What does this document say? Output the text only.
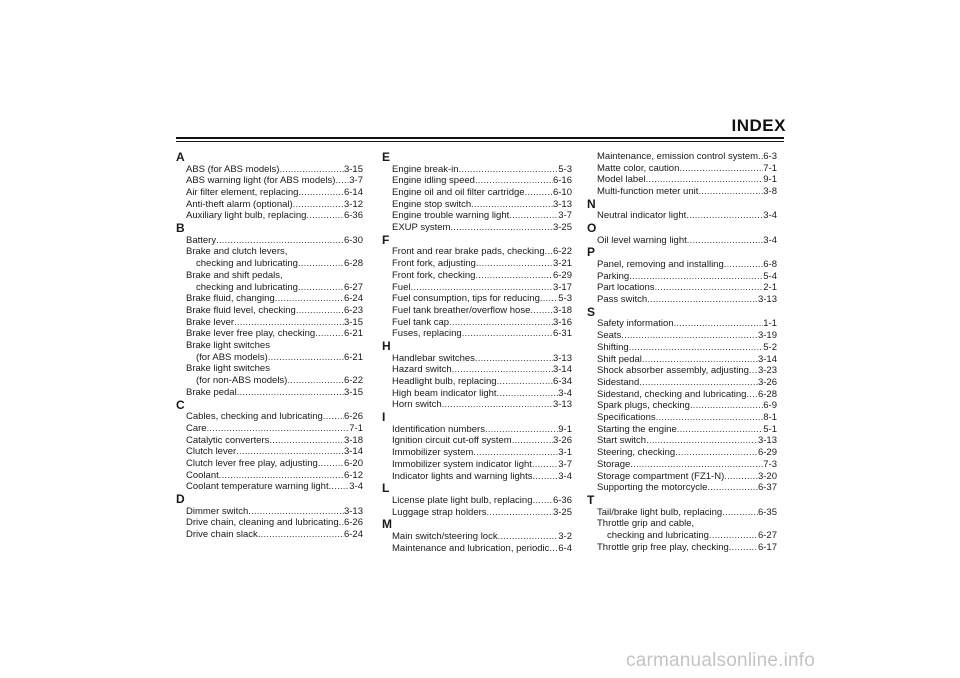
INDEX
A
ABS (for ABS models) .....	3-15
ABS warning light (for ABS models) ..... 3-7
Air filter element, replacing .....	6-14
Anti-theft alarm (optional) .....	3-12
Auxiliary light bulb, replacing .....	6-36
B
Battery .....	6-30
Brake and clutch levers,
checking and lubricating .....	6-28
Brake and shift pedals,
checking and lubricating .....	6-27
Brake fluid, changing .....	6-24
Brake fluid level, checking .....	6-23
Brake lever .....	3-15
Brake lever free play, checking .....	6-21
Brake light switches
(for ABS models) .....	6-21
Brake light switches
(for non-ABS models) .....	6-22
Brake pedal .....	3-15
C
Cables, checking and lubricating ..... 6-26
Care .....	7-1
Catalytic converters .....	3-18
Clutch lever .....	3-14
Clutch lever free play, adjusting .....	6-20
Coolant .....	6-12
Coolant temperature warning light ..... 3-4
D
Dimmer switch .....	3-13
Drive chain, cleaning and lubricating ..... 6-26
Drive chain slack .....	6-24
E
Engine break-in .....	5-3
Engine idling speed .....	6-16
Engine oil and oil filter cartridge .....	6-10
Engine stop switch .....	3-13
Engine trouble warning light .....	3-7
EXUP system .....	3-25
F
Front and rear brake pads, checking ..... 6-22
Front fork, adjusting .....	3-21
Front fork, checking .....	6-29
Fuel .....	3-17
Fuel consumption, tips for reducing ..... 5-3
Fuel tank breather/overflow hose ..... 3-18
Fuel tank cap .....	3-16
Fuses, replacing .....	6-31
H
Handlebar switches .....	3-13
Hazard switch .....	3-14
Headlight bulb, replacing .....	6-34
High beam indicator light .....	3-4
Horn switch .....	3-13
I
Identification numbers .....	9-1
Ignition circuit cut-off system .....	3-26
Immobilizer system .....	3-1
Immobilizer system indicator light .....	3-7
Indicator lights and warning lights .....	3-4
L
License plate light bulb, replacing ..... 6-36
Luggage strap holders .....	3-25
M
Main switch/steering lock .....	3-2
Maintenance and lubrication, periodic ..... 6-4
Maintenance, emission control system ..... 6-3
Matte color, caution .....	7-1
Model label .....	9-1
Multi-function meter unit .....	3-8
N
Neutral indicator light .....	3-4
O
Oil level warning light .....	3-4
P
Panel, removing and installing .....	6-8
Parking .....	5-4
Part locations .....	2-1
Pass switch .....	3-13
S
Safety information .....	1-1
Seats .....	3-19
Shifting .....	5-2
Shift pedal .....	3-14
Shock absorber assembly, adjusting ..... 3-23
Sidestand .....	3-26
Sidestand, checking and lubricating ..... 6-28
Spark plugs, checking .....	6-9
Specifications .....	8-1
Starting the engine .....	5-1
Start switch .....	3-13
Steering, checking .....	6-29
Storage .....	7-3
Storage compartment (FZ1-N) .....	3-20
Supporting the motorcycle .....	6-37
T
Tail/brake light bulb, replacing .....	6-35
Throttle grip and cable,
checking and lubricating .....	6-27
Throttle grip free play, checking .....	6-17
carmanualsonline.info
